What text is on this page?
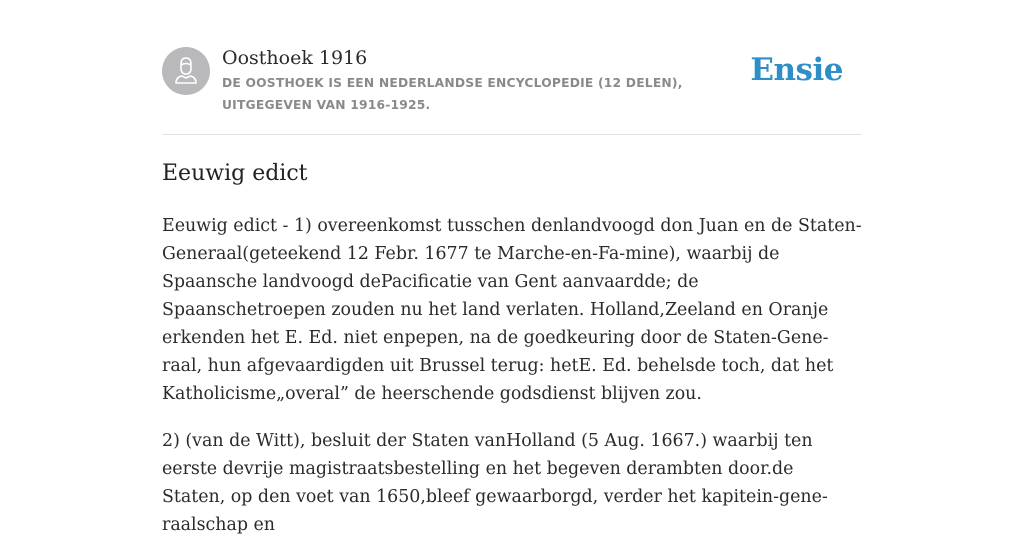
Oosthoek 1916
DE OOSTHOEK IS EEN NEDERLANDSE ENCYCLOPEDIE (12 DELEN), UITGEGEVEN VAN 1916-1925.
Ensie
Eeuwig edict

Eeuwig edict - 1) overeenkomst tusschen denlandvoogd don Juan en de Staten-Generaal(geteekend 12 Febr. 1677 te Marche-en-Fa-mine), waarbij de Spaansche landvoogd dePacificatie van Gent aanvaardde; de Spaanschetroepen zouden nu het land verlaten. Holland,Zeeland en Oranje erkenden het E. Ed. niet enpepen, na de goedkeuring door de Staten-Gene-raal, hun afgevaardigden uit Brussel terug: hetE. Ed. behelsde toch, dat het Katholicisme„overal” de heerschende godsdienst blijven zou.

2) (van de Witt), besluit der Staten vanHolland (5 Aug. 1667.) waarbij ten eerste devrije magistraatsbestelling en het begeven derambten door.de Staten, op den voet van 1650,bleef gewaarborgd, verder het kapitein-gene-raalschap en
